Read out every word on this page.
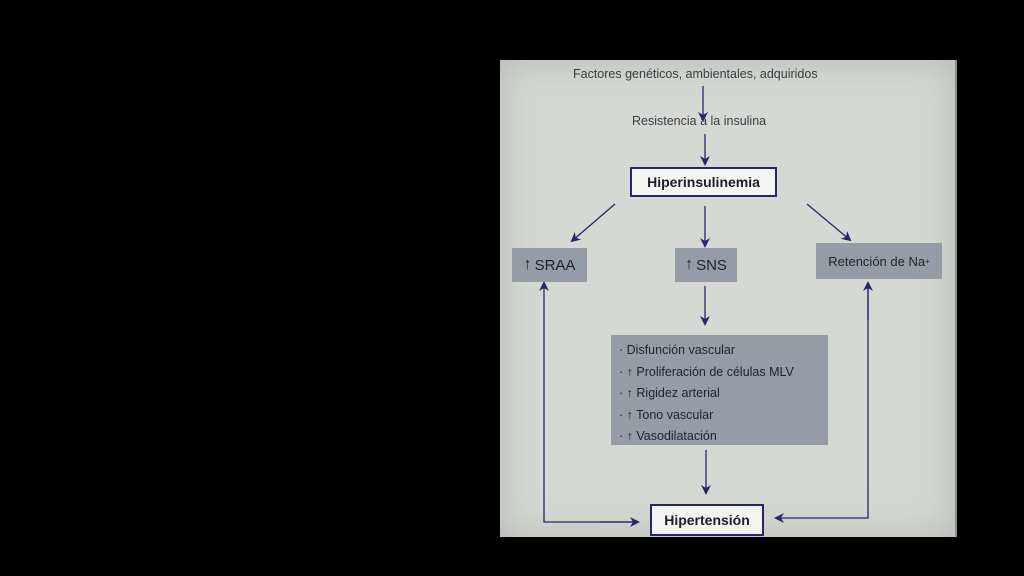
Factores genéticos, ambientales, adquiridos
Resistencia a la insulina
Hiperinsulinemia
↑ SRAA	↑ SNS	Retención de Na +
· Disfunción vascular
· ↑ Proliferación de células MLV
· ↑ Rigidez arterial
· ↑ Tono vascular
· ↑ Vasodilatación
Hipertensión
